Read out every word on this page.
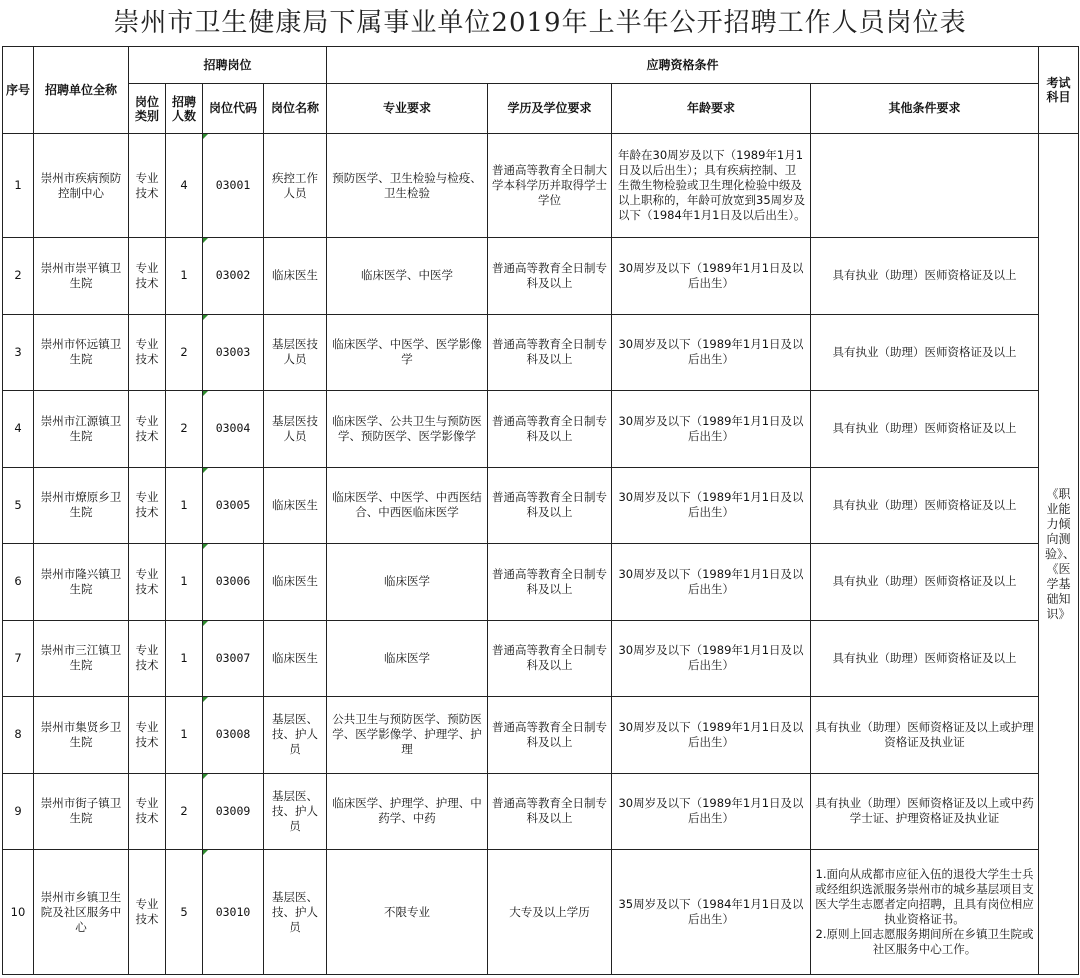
崇州市卫生健康局下属事业单位2019年上半年公开招聘工作人员岗位表
序号	招聘单位全称	招聘岗位				应聘资格条件				考试科目
		岗位类别	招聘人数	岗位代码	岗位名称	专业要求	学历及学位要求	年龄要求	其他条件要求	
1	崇州市疾病预防控制中心	专业技术	4	03001	疾控工作人员	预防医学、卫生检验与检疫、卫生检验	普通高等教育全日制大学本科学历并取得学士学位	年龄在30周岁及以下（1989年1月1日及以后出生）；具有疾病控制、卫生微生物检验或卫生理化检验中级及以上职称的，年龄可放宽到35周岁及以下（1984年1月1日及以后出生）。		《职业能力倾向测验》、《医学基础知识》
2	崇州市崇平镇卫生院	专业技术	1	03002	临床医生	临床医学、中医学	普通高等教育全日制专科及以上	30周岁及以下（1989年1月1日及以后出生）	具有执业（助理）医师资格证及以上	
3	崇州市怀远镇卫生院	专业技术	2	03003	基层医技人员	临床医学、中医学、医学影像学	普通高等教育全日制专科及以上	30周岁及以下（1989年1月1日及以后出生）	具有执业（助理）医师资格证及以上	
4	崇州市江源镇卫生院	专业技术	2	03004	基层医技人员	临床医学、公共卫生与预防医学、预防医学、医学影像学	普通高等教育全日制专科及以上	30周岁及以下（1989年1月1日及以后出生）	具有执业（助理）医师资格证及以上	
5	崇州市燎原乡卫生院	专业技术	1	03005	临床医生	临床医学、中医学、中西医结合、中西医临床医学	普通高等教育全日制专科及以上	30周岁及以下（1989年1月1日及以后出生）	具有执业（助理）医师资格证及以上	
6	崇州市隆兴镇卫生院	专业技术	1	03006	临床医生	临床医学	普通高等教育全日制专科及以上	30周岁及以下（1989年1月1日及以后出生）	具有执业（助理）医师资格证及以上	
7	崇州市三江镇卫生院	专业技术	1	03007	临床医生	临床医学	普通高等教育全日制专科及以上	30周岁及以下（1989年1月1日及以后出生）	具有执业（助理）医师资格证及以上	
8	崇州市集贤乡卫生院	专业技术	1	03008	基层医、技、护人员	公共卫生与预防医学、预防医学、医学影像学、护理学、护理	普通高等教育全日制专科及以上	30周岁及以下（1989年1月1日及以后出生）	具有执业（助理）医师资格证及以上或护理资格证及执业证	
9	崇州市街子镇卫生院	专业技术	2	03009	基层医、技、护人员	临床医学、护理学、护理、中药学、中药	普通高等教育全日制专科及以上	30周岁及以下（1989年1月1日及以后出生）	具有执业（助理）医师资格证及以上或中药学士证、护理资格证及执业证	
10	崇州市乡镇卫生院及社区服务中心	专业技术	5	03010	基层医、技、护人员	不限专业	大专及以上学历	35周岁及以下（1984年1月1日及以后出生）	1.面向从成都市应征入伍的退役大学生士兵或经组织选派服务崇州市的城乡基层项目支医大学生志愿者定向招聘，且具有岗位相应执业资格证书。
2.原则上回志愿服务期间所在乡镇卫生院或社区服务中心工作。	
